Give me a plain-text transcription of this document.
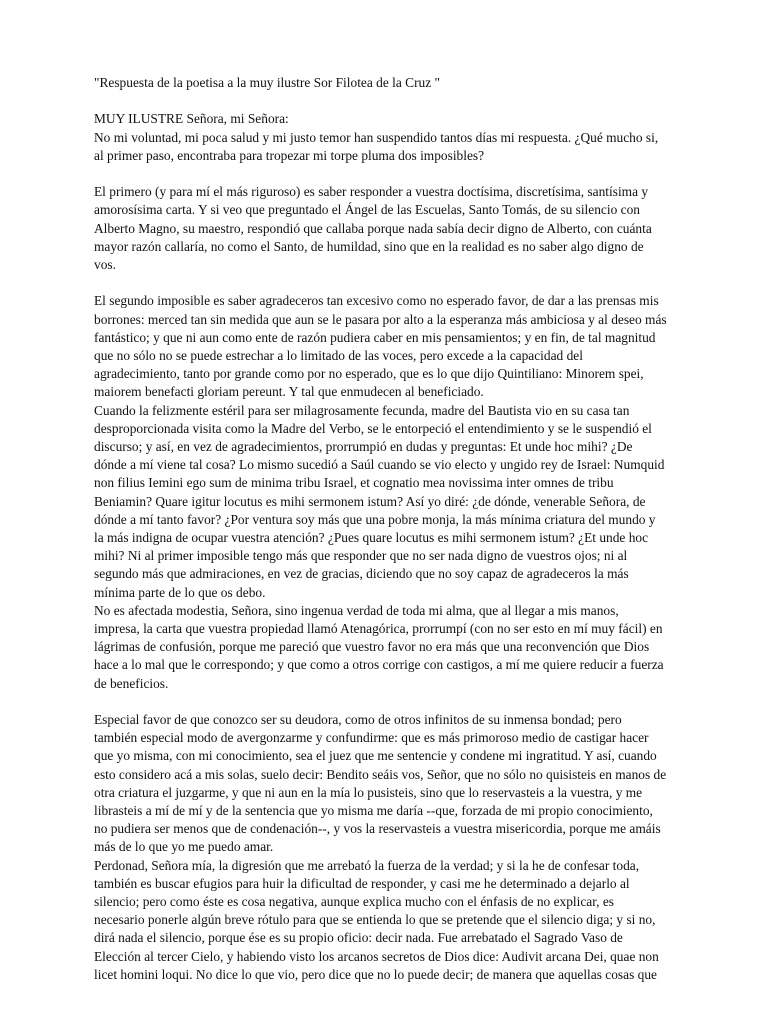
"Respuesta de la poetisa a la muy ilustre Sor Filotea de la Cruz "

MUY ILUSTRE Señora, mi Señora:

No mi voluntad, mi poca salud y mi justo temor han suspendido tantos días mi respuesta. ¿Qué mucho si,
al primer paso, encontraba para tropezar mi torpe pluma dos imposibles?

El primero (y para mí el más riguroso) es saber responder a vuestra doctísima, discretísima, santísima y
amorosísima carta. Y si veo que preguntado el Ángel de las Escuelas, Santo Tomás, de su silencio con
Alberto Magno, su maestro, respondió que callaba porque nada sabía decir digno de Alberto, con cuánta
mayor razón callaría, no como el Santo, de humildad, sino que en la realidad es no saber algo digno de
vos.

El segundo imposible es saber agradeceros tan excesivo como no esperado favor, de dar a las prensas mis
borrones: merced tan sin medida que aun se le pasara por alto a la esperanza más ambiciosa y al deseo más
fantástico; y que ni aun como ente de razón pudiera caber en mis pensamientos; y en fin, de tal magnitud
que no sólo no se puede estrechar a lo limitado de las voces, pero excede a la capacidad del
agradecimiento, tanto por grande como por no esperado, que es lo que dijo Quintiliano: Minorem spei,
maiorem benefacti gloriam pereunt. Y tal que enmudecen al beneficiado.
Cuando la felizmente estéril para ser milagrosamente fecunda, madre del Bautista vio en su casa tan
desproporcionada visita como la Madre del Verbo, se le entorpeció el entendimiento y se le suspendió el
discurso; y así, en vez de agradecimientos, prorrumpió en dudas y preguntas: Et unde hoc mihi? ¿De
dónde a mí viene tal cosa? Lo mismo sucedió a Saúl cuando se vio electo y ungido rey de Israel: Numquid
non filius Iemini ego sum de minima tribu Israel, et cognatio mea novissima inter omnes de tribu
Beniamin? Quare igitur locutus es mihi sermonem istum? Así yo diré: ¿de dónde, venerable Señora, de
dónde a mí tanto favor? ¿Por ventura soy más que una pobre monja, la más mínima criatura del mundo y
la más indigna de ocupar vuestra atención? ¿Pues quare locutus es mihi sermonem istum? ¿Et unde hoc
mihi? Ni al primer imposible tengo más que responder que no ser nada digno de vuestros ojos; ni al
segundo más que admiraciones, en vez de gracias, diciendo que no soy capaz de agradeceros la más
mínima parte de lo que os debo.
No es afectada modestia, Señora, sino ingenua verdad de toda mi alma, que al llegar a mis manos,
impresa, la carta que vuestra propiedad llamó Atenagórica, prorrumpí (con no ser esto en mí muy fácil) en
lágrimas de confusión, porque me pareció que vuestro favor no era más que una reconvención que Dios
hace a lo mal que le correspondo; y que como a otros corrige con castigos, a mí me quiere reducir a fuerza
de beneficios.

Especial favor de que conozco ser su deudora, como de otros infinitos de su inmensa bondad; pero
también especial modo de avergonzarme y confundirme: que es más primoroso medio de castigar hacer
que yo misma, con mi conocimiento, sea el juez que me sentencie y condene mi ingratitud. Y así, cuando
esto considero acá a mis solas, suelo decir: Bendito seáis vos, Señor, que no sólo no quisisteis en manos de
otra criatura el juzgarme, y que ni aun en la mía lo pusisteis, sino que lo reservasteis a la vuestra, y me
librasteis a mí de mí y de la sentencia que yo misma me daría --que, forzada de mi propio conocimiento,
no pudiera ser menos que de condenación--, y vos la reservasteis a vuestra misericordia, porque me amáis
más de lo que yo me puedo amar.
Perdonad, Señora mía, la digresión que me arrebató la fuerza de la verdad; y si la he de confesar toda,
también es buscar efugios para huir la dificultad de responder, y casi me he determinado a dejarlo al
silencio; pero como éste es cosa negativa, aunque explica mucho con el énfasis de no explicar, es
necesario ponerle algún breve rótulo para que se entienda lo que se pretende que el silencio diga; y si no,
dirá nada el silencio, porque ése es su propio oficio: decir nada. Fue arrebatado el Sagrado Vaso de
Elección al tercer Cielo, y habiendo visto los arcanos secretos de Dios dice: Audivit arcana Dei, quae non
licet homini loqui. No dice lo que vio, pero dice que no lo puede decir; de manera que aquellas cosas que
